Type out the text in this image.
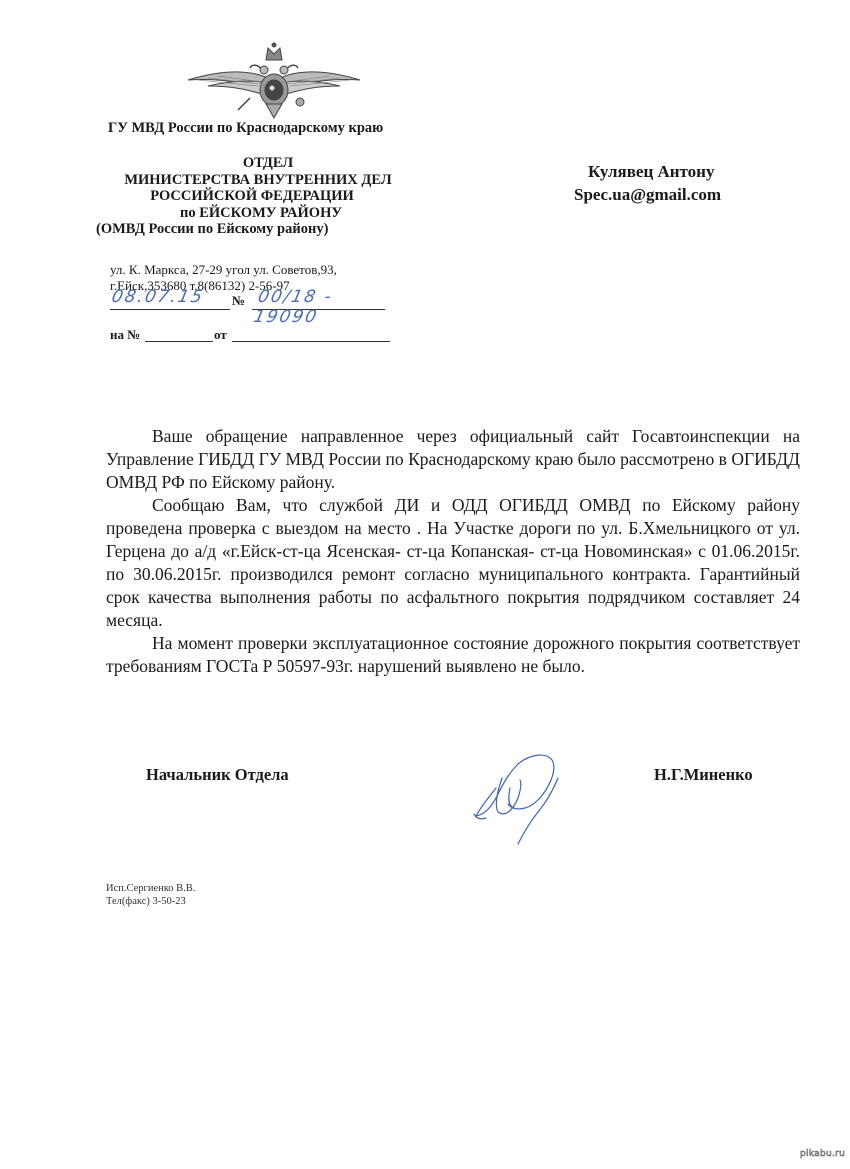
ГУ МВД России по Краснодарскому краю
ОТДЕЛ
МИНИСТЕРСТВА ВНУТРЕННИХ ДЕЛ
РОССИЙСКОЙ ФЕДЕРАЦИИ
по ЕЙСКОМУ РАЙОНУ
(ОМВД России по Ейскому району)
ул. К. Маркса, 27-29 угол ул. Советов,93,
г.Ейск,353680 т.8(86132) 2-56-97
08.07.15 № 00/18 - 19090
на №	от
Кулявец Антону
Spec.ua@gmail.com

Ваше обращение направленное через официальный сайт Госавтоинспекции на Управление ГИБДД ГУ МВД России по Краснодарскому краю было рассмотрено в ОГИБДД ОМВД РФ по Ейскому району.

Сообщаю Вам, что службой ДИ и ОДД ОГИБДД ОМВД по Ейскому району проведена проверка с выездом на место . На Участке дороги по ул. Б.Хмельницкого от ул. Герцена до а/д «г.Ейск-ст-ца Ясенская- ст-ца Копанская- ст-ца Новоминская» с 01.06.2015г. по 30.06.2015г. производился ремонт согласно муниципального контракта. Гарантийный срок качества выполнения работы по асфальтного покрытия подрядчиком составляет 24 месяца.

На момент проверки эксплуатационное состояние дорожного покрытия соответствует требованиям ГОСТа Р 50597-93г. нарушений выявлено не было.

Начальник Отдела	Н.Г.Миненко
Исп.Сергиенко В.В.
Тел(факс) 3-50-23
pikabu.ru
